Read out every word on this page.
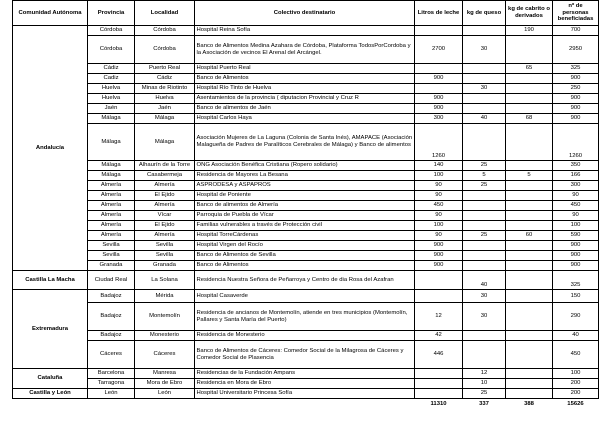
Comunidad Autónoma	Provincia	Localidad	Colectivo destinatario	Litros de leche	kg de queso	kg de cabrito o derivados	nº de personas beneficiadas
Andalucía	Córdoba	Córdoba	Hospital Reina Sofía			190	700
	Córdoba	Córdoba	Banco de Alimentos Medina Azahara de Córdoba, Plataforma TodosPorCordoba y la Asociación de vecinos El Arenal del Arcángel.	2700	30		2950
	Cádiz	Puerto Real	Hospital Puerto Real			65	325
	Cadiz	Cádiz	Banco de Alimentos	900			900
	Huelva	Minas de Riotinto	Hospital Río Tinto de Huelva		30		250
	Huelva	Huelva	Asentamientos de la provincia ( diputacion Provincial y Cruz R	900			900
	Jaén	Jaén	Banco de alimentos de Jaén	900			900
	Málaga	Málaga	Hospital Carlos Haya	300	40	68	900
	Málaga	Málaga	Asociación Mujeres de La Laguna (Colonia de Santa Inés), AMAPACE (Asociación Malagueña de Padres de Paralíticos Cerebrales de Málaga) y Banco de alimentos	1260			1260
	Málaga	Alhaurín de la Torre	ONG Asociación Benéfica Cristiana (Ropero solidario)	140	25		350
	Málaga	Casabermeja	Residencia de Mayores La Besana	100	5	5	166
	Almería	Almería	ASPRODESA y ASPAPROS	90	25		300
	Almería	El Ejido	Hospital de Poniente	90			90
	Almería	Almería	Banco de alimentos de Almería	450			450
	Almería	Vícar	Parroquia de Puebla de Vícar	90			90
	Almería	El Ejido	Familias vulnerables a través de Protección civil	100			100
	Almería	Almería	Hospital TorreCárdenas	90	25	60	590
	Sevilla	Sevilla	Hospital Virgen del Rocío	900			900
	Sevilla	Sevilla	Banco de Alimentos de Sevilla	900			900
	Granada	Granada	Banco de Alimentos	900			900
Castilla La Macha	Ciudad Real	La Solana	Residencia Nuestra Señora de Peñarroya y Centro de dia Rosa del Azafran		40		325
Extremadura	Badajoz	Mérida	Hospital Casaverde		30		150
	Badajoz	Montemolín	Residencia de ancianos de Montemolín, atiende en tres municipios (Montemolín, Pallares y Santa María del Puerto)	12	30		290
	Badajoz	Monesterio	Residencia de Monesterio	42			40
	Cáceres	Cáceres	Banco de Alimentos de Cáceres: Comedor Social de la Milagrosa de Cáceres y Comedor Social de Plasencia	446			450
Cataluña	Barcelona	Manresa	Residencias de la Fundación Ampans		12		100
	Tarragona	Mora de Ebro	Residencia en Mora de Ebro		10		200
Castilla y León	León	León	Hospital Universitario Princesa Sofía		25		200
				11310	337	388	15626
